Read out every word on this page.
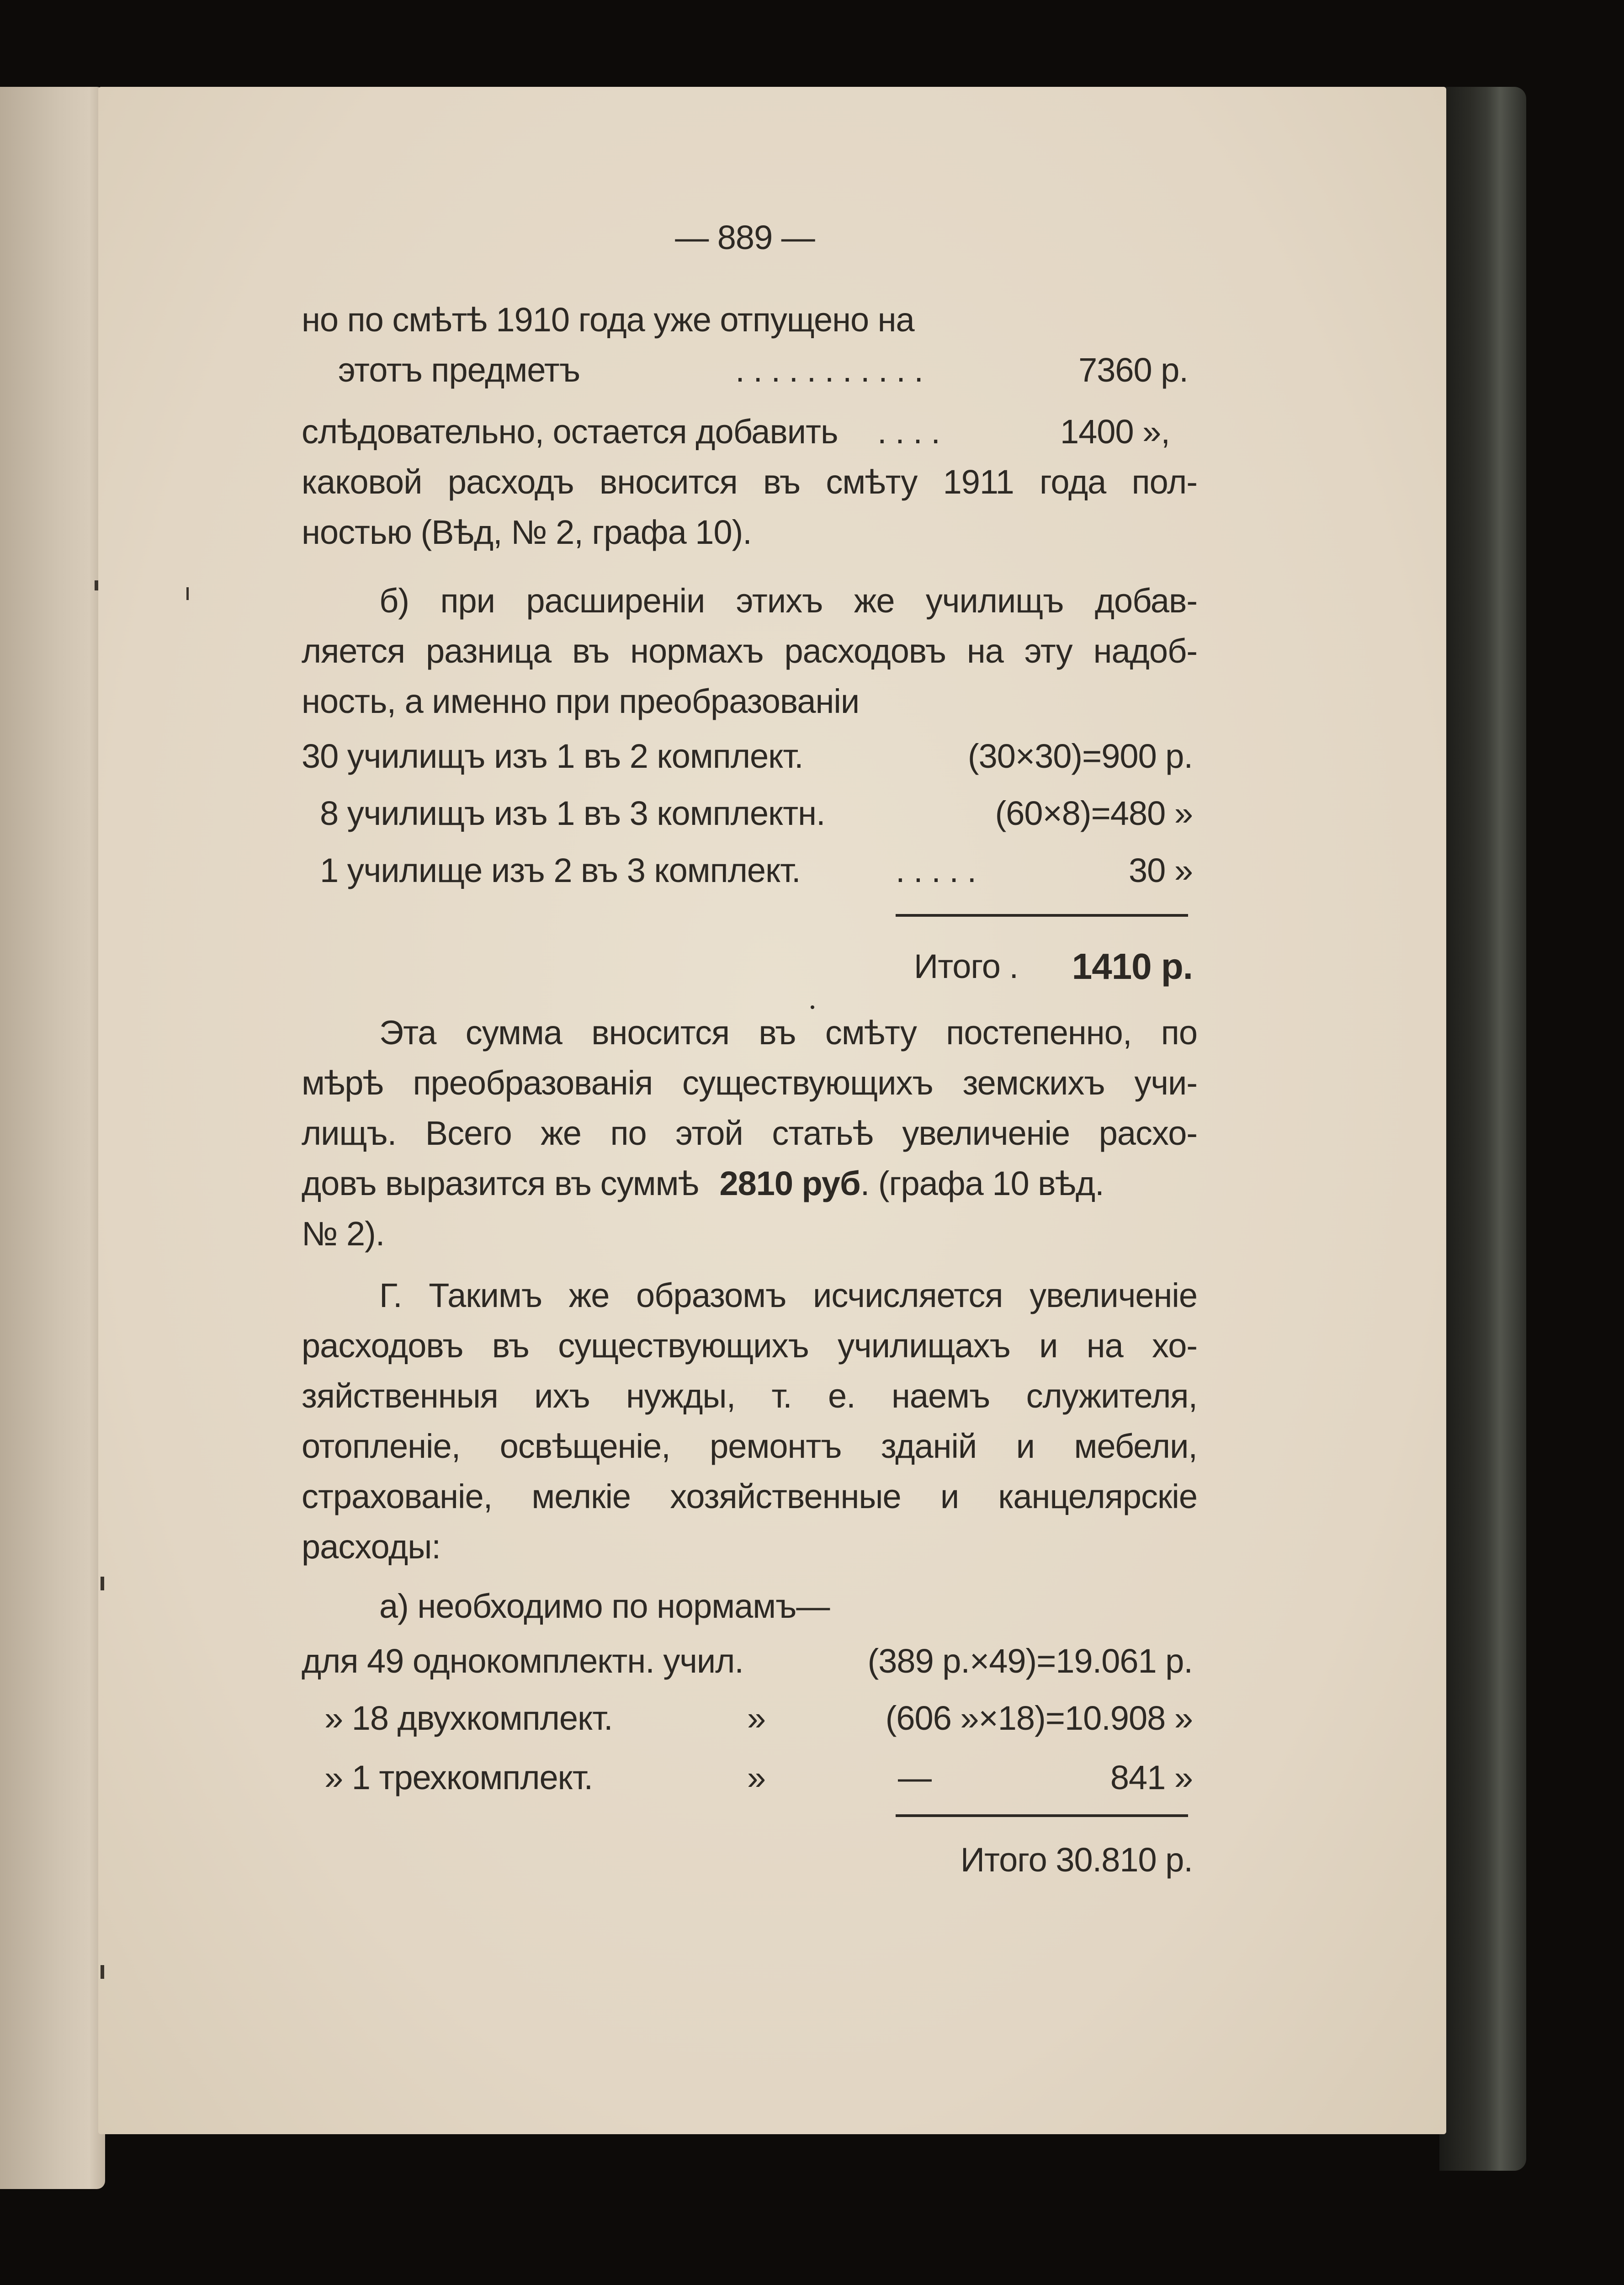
— 889 —
но по смѣтѣ 1910 года уже отпущено на
этотъ предметъ	. . . . . . . . . . .	7360 р.
слѣдовательно, остается добавить . . . .	1400 »,
каковой расходъ вносится въ смѣту 1911 года пол-
ностью (Вѣд, № 2, графа 10).
б) при расширенiи этихъ же училищъ добав-
ляется разница въ нормахъ расходовъ на эту надоб-
ность, а именно при преобразованiи
30 училищъ изъ 1 въ 2 комплект.	(30×30)=900 р.
8 училищъ изъ 1 въ 3 комплектн.	(60×8)=480 »
1 училище изъ 2 въ 3 комплект.	. . . . .	30 »
Итого .	1410 р.
Эта сумма вносится въ смѣту постепенно, по
мѣрѣ преобразованiя существующихъ земскихъ учи-
лищъ. Всего же по этой статьѣ увеличенiе расхо-
довъ выразится въ суммѣ 2810 руб. (графа 10 вѣд.
№ 2).
Г. Такимъ же образомъ исчисляется увеличенiе
расходовъ въ существующихъ училищахъ и на хо-
зяйственныя ихъ нужды, т. е. наемъ служителя,
отопленiе, освѣщенiе, ремонтъ зданiй и мебели,
страхованiе, мелкiе хозяйственные и канцелярскiе
расходы:
а) необходимо по нормамъ—
для 49 однокомплектн. учил.	(389 р.×49)=19.061 р.
» 18 двухкомплект.	»	(606 »×18)=10.908 »
» 1 трехкомплект.	»	—	841 »
Итого 30.810 р.
